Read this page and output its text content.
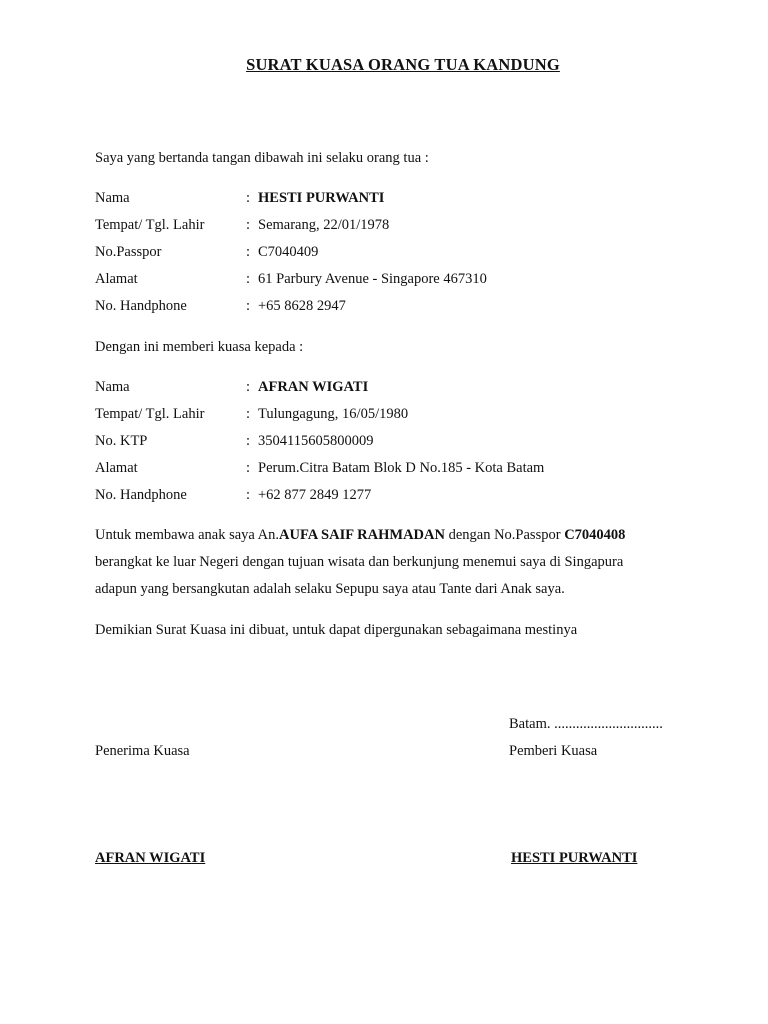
SURAT KUASA ORANG TUA KANDUNG
Saya yang bertanda tangan dibawah ini selaku orang tua :
Nama	: HESTI PURWANTI
Tempat/ Tgl. Lahir	: Semarang, 22/01/1978
No.Passpor	: C7040409
Alamat	: 61 Parbury Avenue - Singapore 467310
No. Handphone	: +65 8628 2947
Dengan ini memberi kuasa kepada :
Nama	: AFRAN WIGATI
Tempat/ Tgl. Lahir	: Tulungagung, 16/05/1980
No. KTP	: 3504115605800009
Alamat	: Perum.Citra Batam Blok D No.185 - Kota Batam
No. Handphone	: +62 877 2849 1277
Untuk membawa anak saya An.AUFA SAIF RAHMADAN dengan No.Passpor C7040408
berangkat ke luar Negeri dengan tujuan wisata dan berkunjung menemui saya di Singapura
adapun yang bersangkutan adalah selaku Sepupu saya atau Tante dari Anak saya.
Demikian Surat Kuasa ini dibuat, untuk dapat dipergunakan sebagaimana mestinya
Batam. ..............................
Penerima Kuasa	Pemberi Kuasa
AFRAN WIGATI	HESTI PURWANTI
